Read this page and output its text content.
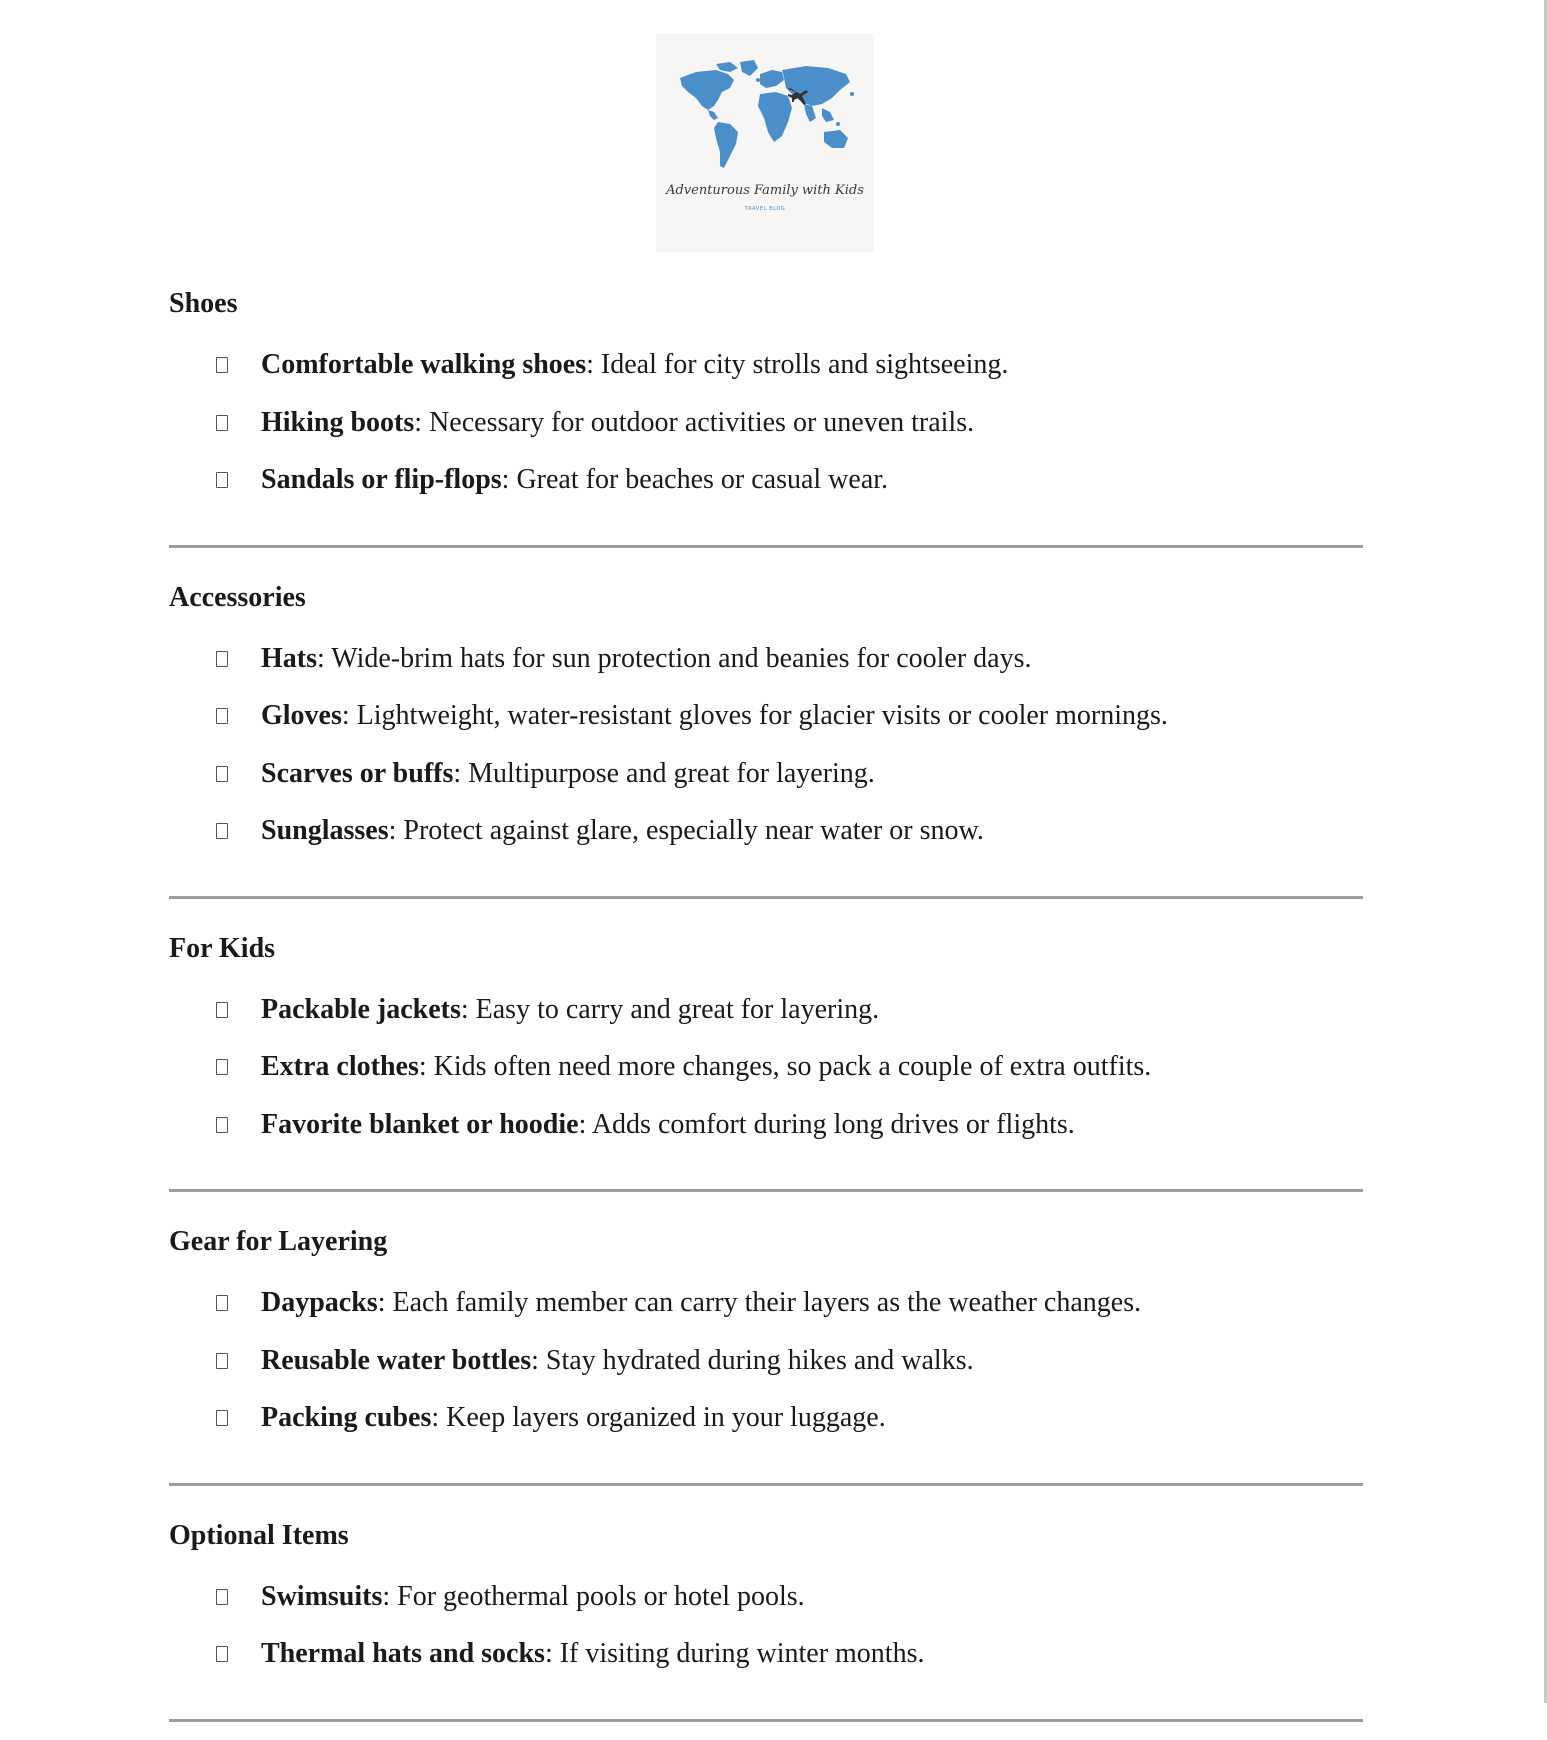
Adventurous Family with Kids
TRAVEL BLOG
Shoes
Comfortable walking shoes: Ideal for city strolls and sightseeing.
Hiking boots: Necessary for outdoor activities or uneven trails.
Sandals or flip-flops: Great for beaches or casual wear.
Accessories
Hats: Wide-brim hats for sun protection and beanies for cooler days.
Gloves: Lightweight, water-resistant gloves for glacier visits or cooler mornings.
Scarves or buffs: Multipurpose and great for layering.
Sunglasses: Protect against glare, especially near water or snow.
For Kids
Packable jackets: Easy to carry and great for layering.
Extra clothes: Kids often need more changes, so pack a couple of extra outfits.
Favorite blanket or hoodie: Adds comfort during long drives or flights.
Gear for Layering
Daypacks: Each family member can carry their layers as the weather changes.
Reusable water bottles: Stay hydrated during hikes and walks.
Packing cubes: Keep layers organized in your luggage.
Optional Items
Swimsuits: For geothermal pools or hotel pools.
Thermal hats and socks: If visiting during winter months.
